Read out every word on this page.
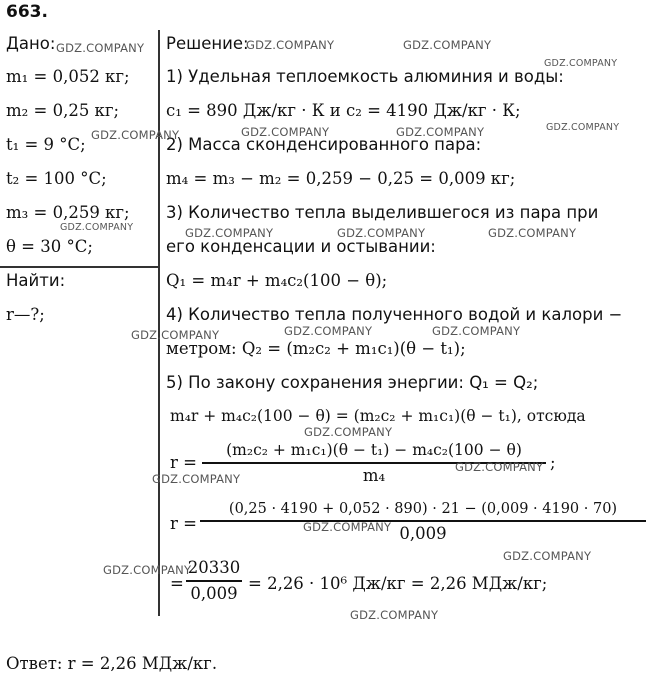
663.
Дано:
m₁ = 0,052 кг;
m₂ = 0,25 кг;
t₁ = 9 °C;
t₂ = 100 °C;
m₃ = 0,259 кг;
θ = 30 °C;
Найти:
r—?;
Решение:
1) Удельная теплоемкость алюминия и воды:
c₁ = 890 Дж/кг · К и c₂ = 4190 Дж/кг · К;
2) Масса сконденсированного пара:
m₄ = m₃ − m₂ = 0,259 − 0,25 = 0,009 кг;
3) Количество тепла выделившегося из пара при
его конденсации и остывании:
Q₁ = m₄r + m₄c₂(100 − θ);
4) Количество тепла полученного водой и калори −
метром: Q₂ = (m₂c₂ + m₁c₁)(θ − t₁);
5) По закону сохранения энергии: Q₁ = Q₂;
m₄r + m₄c₂(100 − θ) = (m₂c₂ + m₁c₁)(θ − t₁), отсюда
r =
(m₂c₂ + m₁c₁)(θ − t₁) − m₄c₂(100 − θ)
m₄
;
r =
(0,25 · 4190 + 0,052 · 890) · 21 − (0,009 · 4190 · 70)
0,009
=
20330
0,009 = 2,26 · 10⁶ Дж/кг = 2,26 МДж/кг;
Ответ: r = 2,26 МДж/кг.
GDZ.COMPANY	GDZ.COMPANY	GDZ.COMPANY
GDZ.COMPANY
GDZ.COMPANY	GDZ.COMPANY	GDZ.COMPANY	GDZ.COMPANY
GDZ.COMPANY	GDZ.COMPANY	GDZ.COMPANY	GDZ.COMPANY
GDZ.COMPANY	GDZ.COMPANY	GDZ.COMPANY
GDZ.COMPANY
GDZ.COMPANY
GDZ.COMPANY
GDZ.COMPANY
GDZ.COMPANY
GDZ.COMPANY
GDZ.COMPANY
